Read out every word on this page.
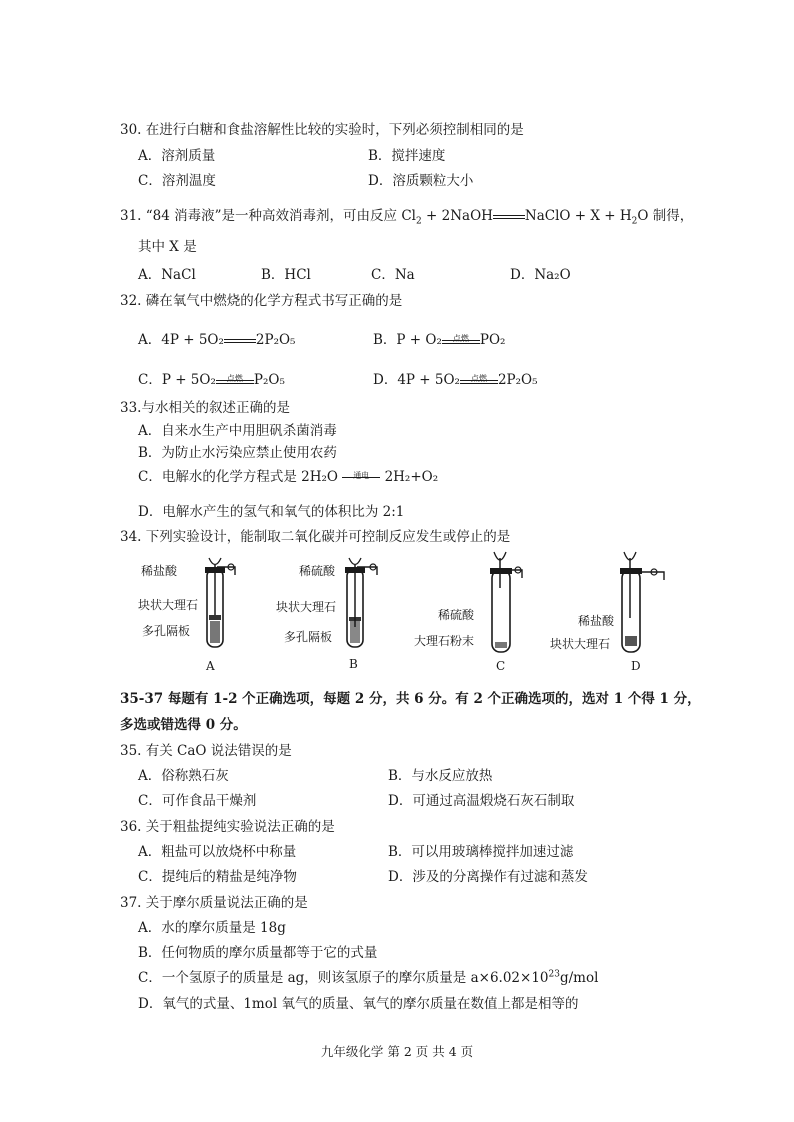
30. 在进行白糖和食盐溶解性比较的实验时，下列必须控制相同的是
A．溶剂质量	B．搅拌速度
C．溶剂温度	D．溶质颗粒大小
31. “84 消毒液”是一种高效消毒剂，可由反应 $Cl_2$ + 2NaOH NaClO + $X + H_2O$ 制得，
其中 X 是
A．NaCl	B．HCl	C．Na	D．Na₂O
32. 磷在氧气中燃烧的化学方程式书写正确的是
A．4P + 5O₂ 2P₂O₅	B．P + O₂	点燃 PO₂
C．P + 5O₂	点燃 P₂O₅	D．4P + 5O₂	点燃 2P₂O₅
33.与水相关的叙述正确的是
A．自来水生产中用胆矾杀菌消毒
B．为防止水污染应禁止使用农药
C．电解水的化学方程式是 2H₂O	通电	2H₂+O₂
D．电解水产生的氢气和氧气的体积比为 2:1
34. 下列实验设计，能制取二氧化碳并可控制反应发生或停止的是
稀盐酸
块状大理石
多孔隔板
A
稀硫酸
块状大理石
多孔隔板
B
稀硫酸
大理石粉末
C
稀盐酸
块状大理石
D
35-37 每题有 1-2 个正确选项，每题 2 分，共 6 分。有 2 个正确选项的，选对 1 个得 1 分，
多选或错选得 0 分。
35. 有关 CaO 说法错误的是
A．俗称熟石灰	B．与水反应放热
C．可作食品干燥剂	D．可通过高温煅烧石灰石制取
36. 关于粗盐提纯实验说法正确的是
A．粗盐可以放烧杯中称量	B．可以用玻璃棒搅拌加速过滤
C．提纯后的精盐是纯净物	D．涉及的分离操作有过滤和蒸发
37. 关于摩尔质量说法正确的是
A．水的摩尔质量是 18g
B．任何物质的摩尔质量都等于它的式量
C．一个氢原子的质量是 ag，则该氢原子的摩尔质量是 $a\times 6.02\times 10^{23}g$/mol
D．氧气的式量、1mol 氧气的质量、氧气的摩尔质量在数值上都是相等的
九年级化学 第 2 页 共 4 页
